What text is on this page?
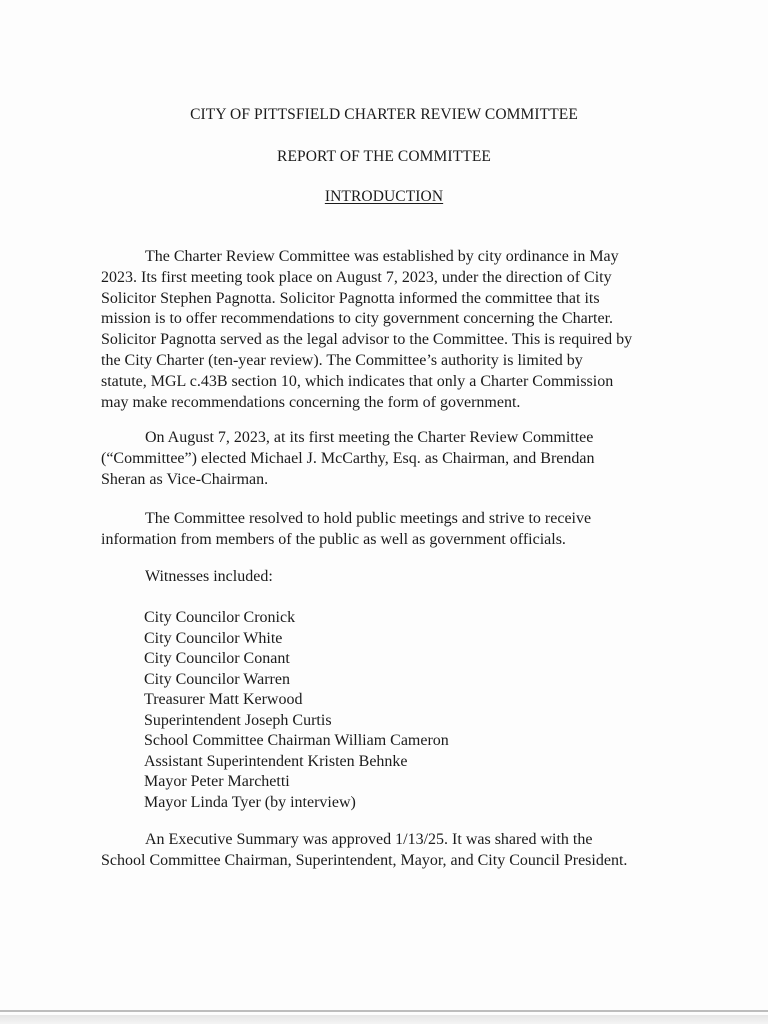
CITY OF PITTSFIELD CHARTER REVIEW COMMITTEE
REPORT OF THE COMMITTEE
INTRODUCTION
The Charter Review Committee was established by city ordinance in May
2023. Its first meeting took place on August 7, 2023, under the direction of City
Solicitor Stephen Pagnotta. Solicitor Pagnotta informed the committee that its
mission is to offer recommendations to city government concerning the Charter.
Solicitor Pagnotta served as the legal advisor to the Committee. This is required by
the City Charter (ten-year review). The Committee’s authority is limited by
statute, MGL c.43B section 10, which indicates that only a Charter Commission
may make recommendations concerning the form of government.
On August 7, 2023, at its first meeting the Charter Review Committee
(“Committee”) elected Michael J. McCarthy, Esq. as Chairman, and Brendan
Sheran as Vice-Chairman.
The Committee resolved to hold public meetings and strive to receive
information from members of the public as well as government officials.
Witnesses included:
City Councilor Cronick
City Councilor White
City Councilor Conant
City Councilor Warren
Treasurer Matt Kerwood
Superintendent Joseph Curtis
School Committee Chairman William Cameron
Assistant Superintendent Kristen Behnke
Mayor Peter Marchetti
Mayor Linda Tyer (by interview)
An Executive Summary was approved 1/13/25. It was shared with the
School Committee Chairman, Superintendent, Mayor, and City Council President.
